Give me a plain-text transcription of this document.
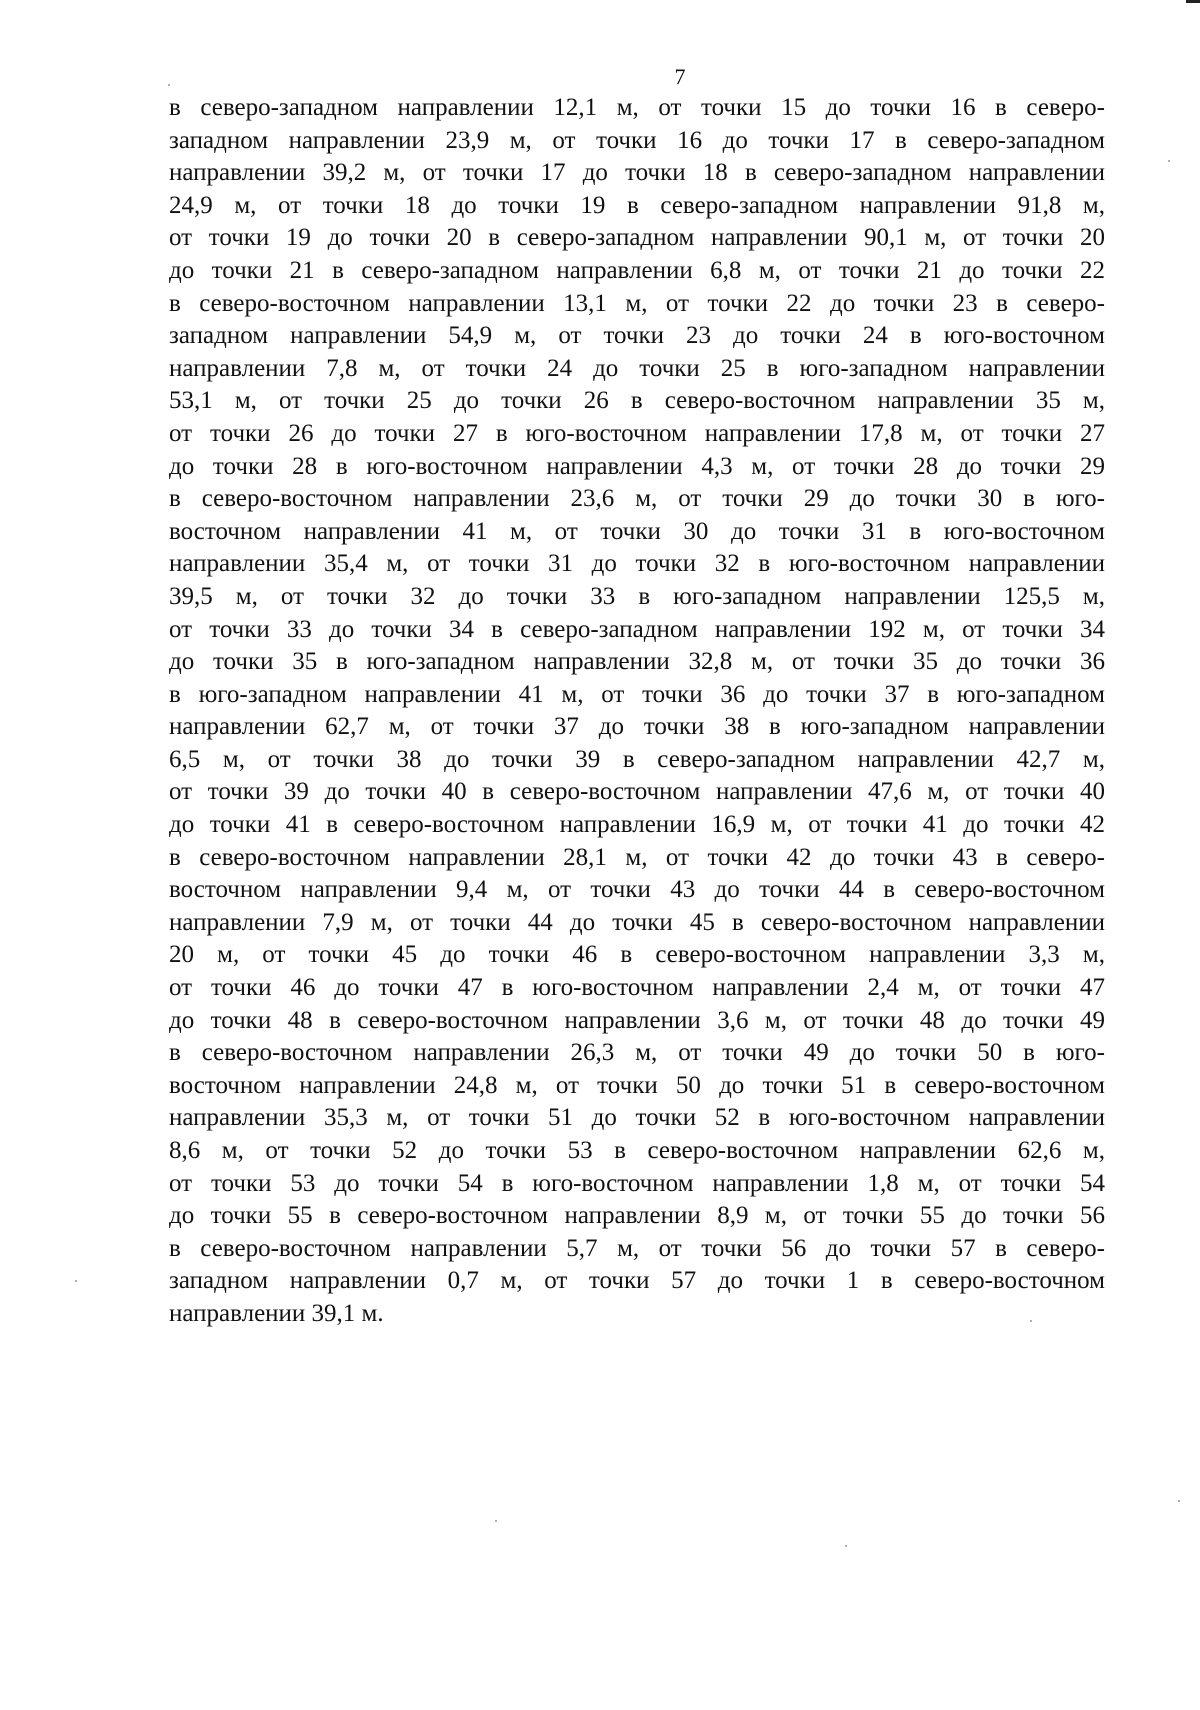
7
в северо-западном направлении 12,1 м, от точки 15 до точки 16 в северо-
западном направлении 23,9 м, от точки 16 до точки 17 в северо-западном
направлении 39,2 м, от точки 17 до точки 18 в северо-западном направлении
24,9 м, от точки 18 до точки 19 в северо-западном направлении 91,8 м,
от точки 19 до точки 20 в северо-западном направлении 90,1 м, от точки 20
до точки 21 в северо-западном направлении 6,8 м, от точки 21 до точки 22
в северо-восточном направлении 13,1 м, от точки 22 до точки 23 в северо-
западном направлении 54,9 м, от точки 23 до точки 24 в юго-восточном
направлении 7,8 м, от точки 24 до точки 25 в юго-западном направлении
53,1 м, от точки 25 до точки 26 в северо-восточном направлении 35 м,
от точки 26 до точки 27 в юго-восточном направлении 17,8 м, от точки 27
до точки 28 в юго-восточном направлении 4,3 м, от точки 28 до точки 29
в северо-восточном направлении 23,6 м, от точки 29 до точки 30 в юго-
восточном направлении 41 м, от точки 30 до точки 31 в юго-восточном
направлении 35,4 м, от точки 31 до точки 32 в юго-восточном направлении
39,5 м, от точки 32 до точки 33 в юго-западном направлении 125,5 м,
от точки 33 до точки 34 в северо-западном направлении 192 м, от точки 34
до точки 35 в юго-западном направлении 32,8 м, от точки 35 до точки 36
в юго-западном направлении 41 м, от точки 36 до точки 37 в юго-западном
направлении 62,7 м, от точки 37 до точки 38 в юго-западном направлении
6,5 м, от точки 38 до точки 39 в северо-западном направлении 42,7 м,
от точки 39 до точки 40 в северо-восточном направлении 47,6 м, от точки 40
до точки 41 в северо-восточном направлении 16,9 м, от точки 41 до точки 42
в северо-восточном направлении 28,1 м, от точки 42 до точки 43 в северо-
восточном направлении 9,4 м, от точки 43 до точки 44 в северо-восточном
направлении 7,9 м, от точки 44 до точки 45 в северо-восточном направлении
20 м, от точки 45 до точки 46 в северо-восточном направлении 3,3 м,
от точки 46 до точки 47 в юго-восточном направлении 2,4 м, от точки 47
до точки 48 в северо-восточном направлении 3,6 м, от точки 48 до точки 49
в северо-восточном направлении 26,3 м, от точки 49 до точки 50 в юго-
восточном направлении 24,8 м, от точки 50 до точки 51 в северо-восточном
направлении 35,3 м, от точки 51 до точки 52 в юго-восточном направлении
8,6 м, от точки 52 до точки 53 в северо-восточном направлении 62,6 м,
от точки 53 до точки 54 в юго-восточном направлении 1,8 м, от точки 54
до точки 55 в северо-восточном направлении 8,9 м, от точки 55 до точки 56
в северо-восточном направлении 5,7 м, от точки 56 до точки 57 в северо-
западном направлении 0,7 м, от точки 57 до точки 1 в северо-восточном
направлении 39,1 м.
